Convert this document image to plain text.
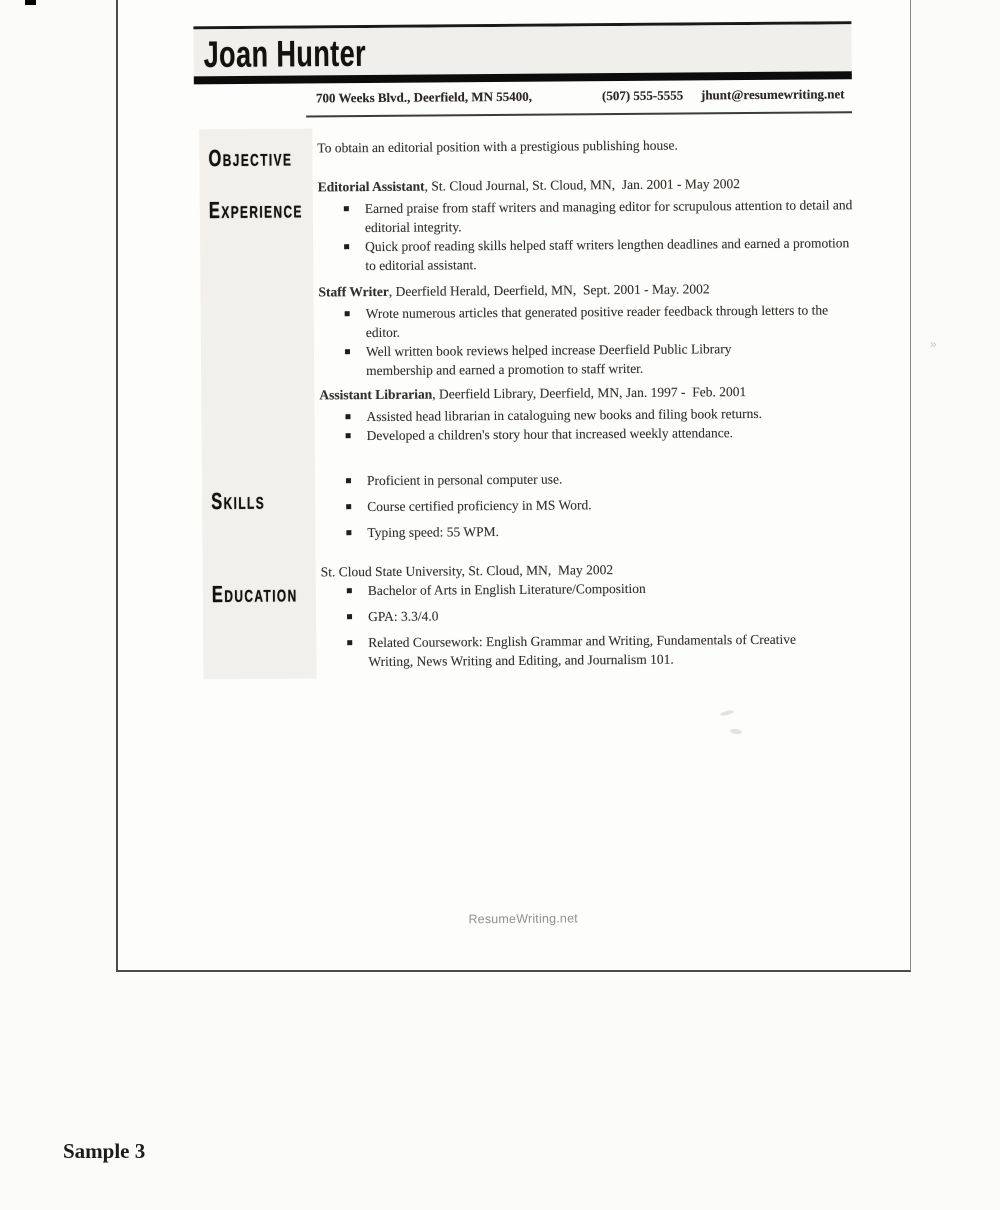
Joan Hunter
700 Weeks Blvd., Deerfield, MN 55400,	(507) 555-5555 jhunt@resumewriting.net
OBJECTIVE
EXPERIENCE
SKILLS
EDUCATION
To obtain an editorial position with a prestigious publishing house.
Editorial Assistant, St. Cloud Journal, St. Cloud, MN,  Jan. 2001 - May 2002
Earned praise from staff writers and managing editor for scrupulous attention to detail and editorial integrity.
Quick proof reading skills helped staff writers lengthen deadlines and earned a promotion to editorial assistant.
Staff Writer, Deerfield Herald, Deerfield, MN,  Sept. 2001 - May. 2002
Wrote numerous articles that generated positive reader feedback through letters to the editor.
Well written book reviews helped increase Deerfield Public Library membership and earned a promotion to staff writer.
Assistant Librarian, Deerfield Library, Deerfield, MN, Jan. 1997 -  Feb. 2001
Assisted head librarian in cataloguing new books and filing book returns.
Developed a children's story hour that increased weekly attendance.
Proficient in personal computer use.
Course certified proficiency in MS Word.
Typing speed: 55 WPM.
St. Cloud State University, St. Cloud, MN,  May 2002
Bachelor of Arts in English Literature/Composition
GPA: 3.3/4.0
Related Coursework: English Grammar and Writing, Fundamentals of Creative Writing, News Writing and Editing, and Journalism 101.
ResumeWriting.net
»
Sample 3
